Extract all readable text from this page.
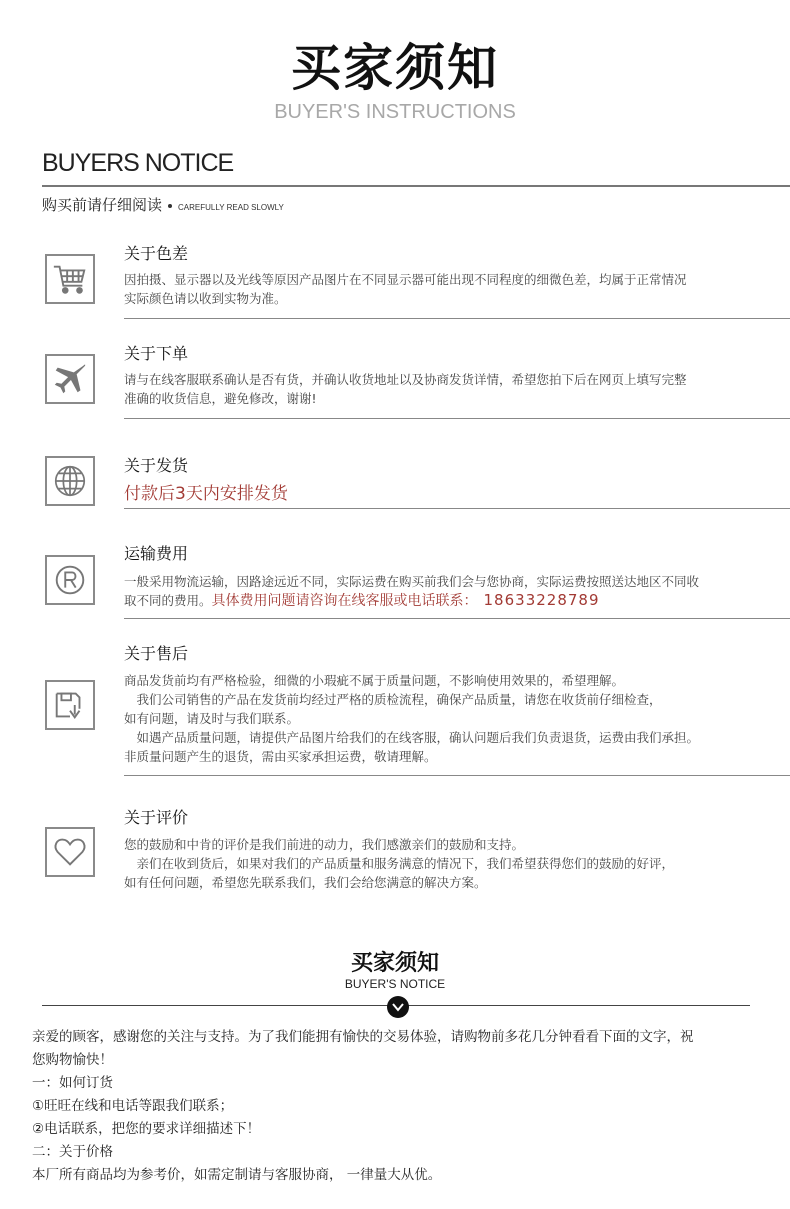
买家须知
BUYER'S INSTRUCTIONS
BUYERS NOTICE
购买前请仔细阅读 CAREFULLY READ SLOWLY
关于色差

因拍摄、显示器以及光线等原因产品图片在不同显示器可能出现不同程度的细微色差，均属于正常情况

实际颜色请以收到实物为准。

关于下单

请与在线客服联系确认是否有货，并确认收货地址以及协商发货详情，希望您拍下后在网页上填写完整

准确的收货信息，避免修改，谢谢!

关于发货
付款后3天内安排发货
运输费用

一般采用物流运输，因路途远近不同，实际运费在购买前我们会与您协商，实际运费按照送达地区不同收

取不同的费用。具体费用问题请咨询在线客服或电话联系： 18633228789

关于售后

商品发货前均有严格检验，细微的小瑕疵不属于质量问题，不影响使用效果的，希望理解。

　我们公司销售的产品在发货前均经过严格的质检流程，确保产品质量，请您在收货前仔细检查，

如有问题，请及时与我们联系。

　如遇产品质量问题，请提供产品图片给我们的在线客服，确认问题后我们负责退货，运费由我们承担。

非质量问题产生的退货，需由买家承担运费，敬请理解。

关于评价

您的鼓励和中肯的评价是我们前进的动力，我们感激亲们的鼓励和支持。

　亲们在收到货后，如果对我们的产品质量和服务满意的情况下，我们希望获得您们的鼓励的好评，

如有任何问题，希望您先联系我们，我们会给您满意的解决方案。

买家须知
BUYER'S NOTICE

亲爱的顾客，感谢您的关注与支持。为了我们能拥有愉快的交易体验，请购物前多花几分钟看看下面的文字，祝

您购物愉快！

一：如何订货

①旺旺在线和电话等跟我们联系；

②电话联系，把您的要求详细描述下！

二：关于价格

本厂所有商品均为参考价，如需定制请与客服协商， 一律量大从优。
